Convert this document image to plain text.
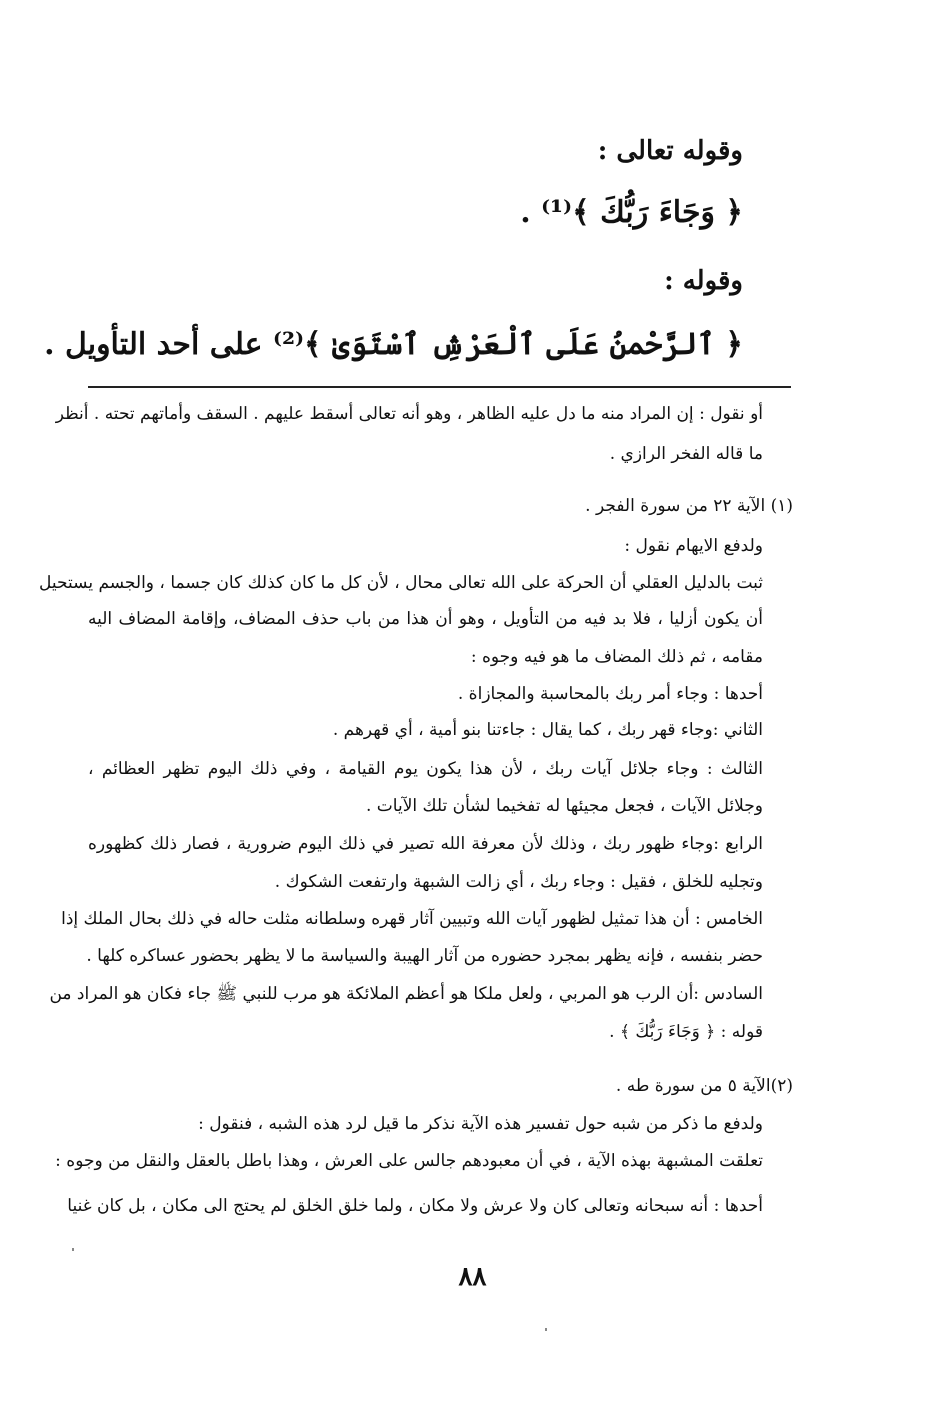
وقوله تعالى :
﴿ وَجَاءَ رَبُّكَ ﴾⁽¹⁾ .
وقوله :
﴿ ٱلرَّحْمنُ عَلَى ٱلْعَرْشِ ٱسْتَوَىٰ ﴾⁽²⁾ على أحد التأويل .
أو نقول : إن المراد منه ما دل عليه الظاهر ، وهو أنه تعالى أسقط عليهم . السقف وأماتهم تحته . أنظر
ما قاله الفخر الرازي .
(١) الآية ٢٢ من سورة الفجر .
ولدفع الايهام نقول :
ثبت بالدليل العقلي أن الحركة على الله تعالى محال ، لأن كل ما كان كذلك كان جسما ، والجسم يستحيل
أن يكون أزليا ، فلا بد فيه من التأويل ، وهو أن هذا من باب حذف المضاف، وإقامة المضاف اليه
مقامه ، ثم ذلك المضاف ما هو فيه وجوه :
أحدها : وجاء أمر ربك بالمحاسبة والمجازاة .
الثاني :وجاء قهر ربك ، كما يقال : جاءتنا بنو أمية ، أي قهرهم .
الثالث : وجاء جلائل آيات ربك ، لأن هذا يكون يوم القيامة ، وفي ذلك اليوم تظهر العظائم ،
وجلائل الآيات ، فجعل مجيئها له تفخيما لشأن تلك الآيات .
الرابع :وجاء ظهور ربك ، وذلك لأن معرفة الله تصير في ذلك اليوم ضرورية ، فصار ذلك كظهوره
وتجليه للخلق ، فقيل : وجاء ربك ، أي زالت الشبهة وارتفعت الشكوك .
الخامس : أن هذا تمثيل لظهور آيات الله وتبيين آثار قهره وسلطانه مثلت حاله في ذلك بحال الملك إذا
حضر بنفسه ، فإنه يظهر بمجرد حضوره من آثار الهيبة والسياسة ما لا يظهر بحضور عساكره كلها .
السادس :أن الرب هو المربي ، ولعل ملكا هو أعظم الملائكة هو مرب للنبي ﷺ جاء فكان هو المراد من
قوله : ﴿ وَجَاءَ رَبُّكَ ﴾ .
(٢)الآية ٥ من سورة طه .
ولدفع ما ذكر من شبه حول تفسير هذه الآية نذكر ما قيل لرد هذه الشبه ، فنقول :
تعلقت المشبهة بهذه الآية ، في أن معبودهم جالس على العرش ، وهذا باطل بالعقل والنقل من وجوه :
أحدها : أنه سبحانه وتعالى كان ولا عرش ولا مكان ، ولما خلق الخلق لم يحتج الى مكان ، بل كان غنيا
٨٨
